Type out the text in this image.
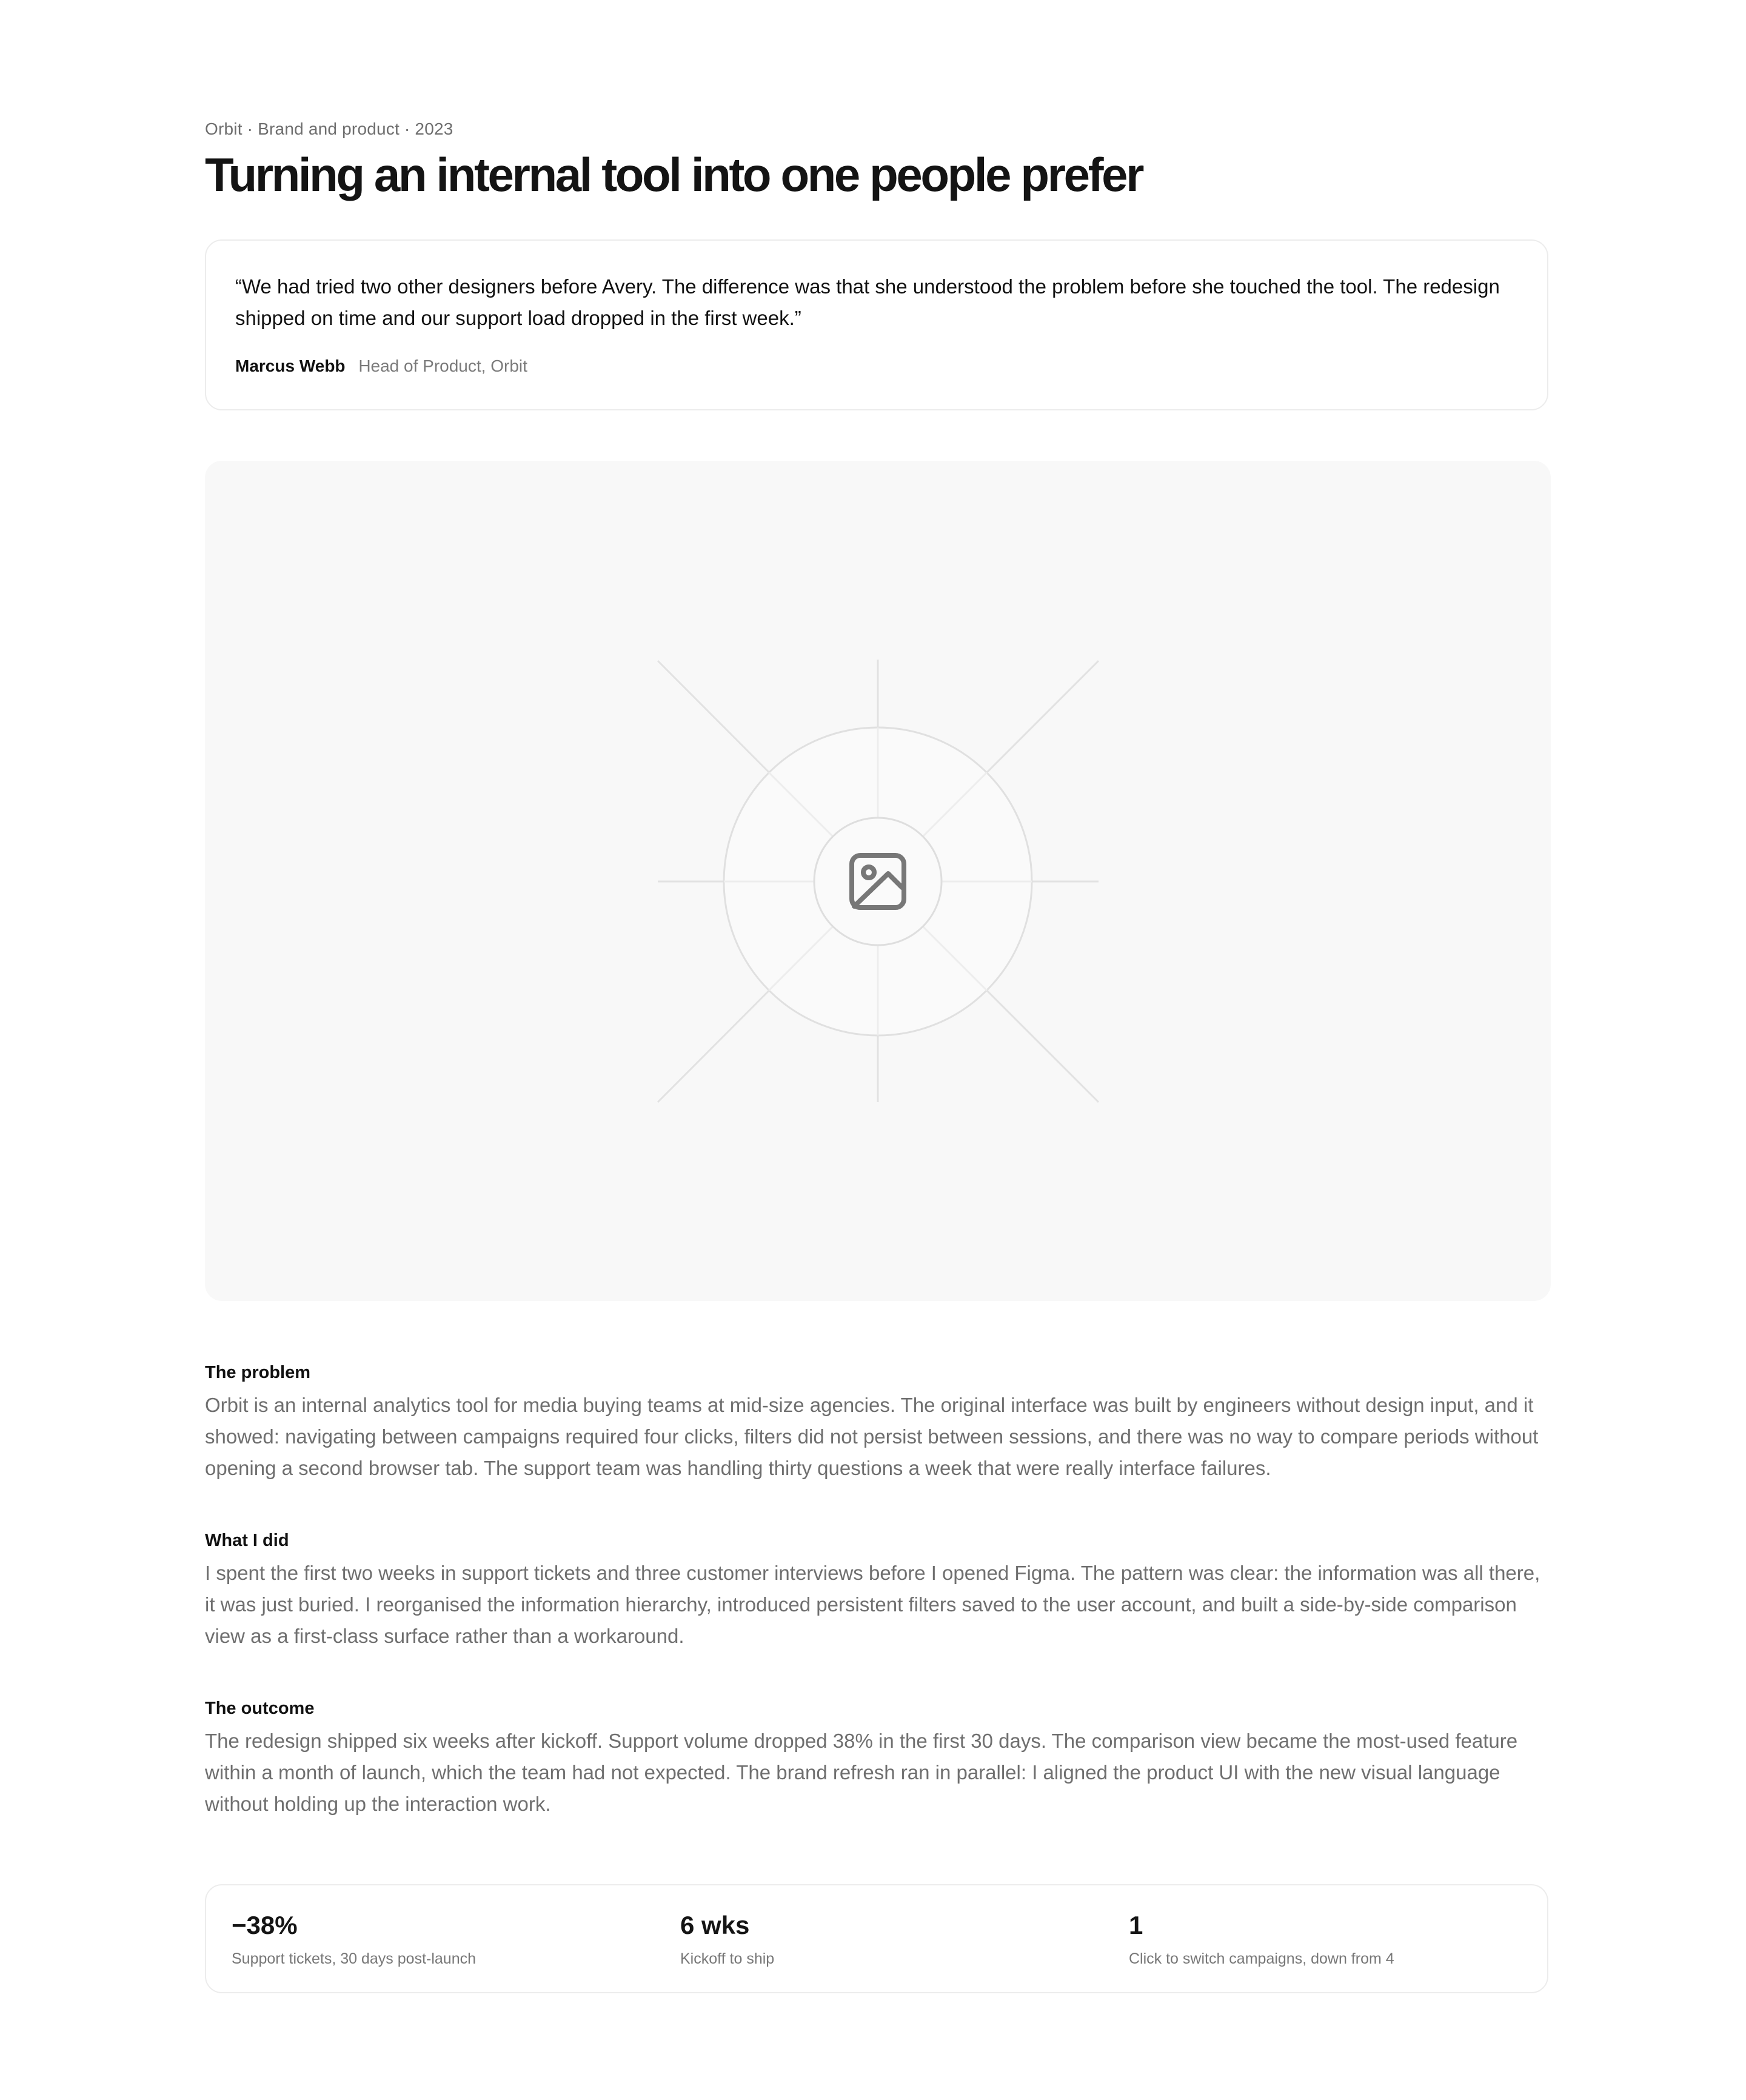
Orbit · Brand and product · 2023
Turning an internal tool into one people prefer

“We had tried two other designers before Avery. The difference was that she understood the problem before she touched the tool. The redesign shipped on time and our support load dropped in the first week.”

Marcus Webb Head of Product, Orbit
The problem

Orbit is an internal analytics tool for media buying teams at mid-size agencies. The original interface was built by engineers without design input, and it showed: navigating between campaigns required four clicks, filters did not persist between sessions, and there was no way to compare periods without opening a second browser tab. The support team was handling thirty questions a week that were really interface failures.

What I did

I spent the first two weeks in support tickets and three customer interviews before I opened Figma. The pattern was clear: the information was all there, it was just buried. I reorganised the information hierarchy, introduced persistent filters saved to the user account, and built a side-by-side comparison view as a first-class surface rather than a workaround.

The outcome

The redesign shipped six weeks after kickoff. Support volume dropped 38% in the first 30 days. The comparison view became the most-used feature within a month of launch, which the team had not expected. The brand refresh ran in parallel: I aligned the product UI with the new visual language without holding up the interaction work.

−38%
Support tickets, 30 days post-launch
6 wks
Kickoff to ship
1
Click to switch campaigns, down from 4
